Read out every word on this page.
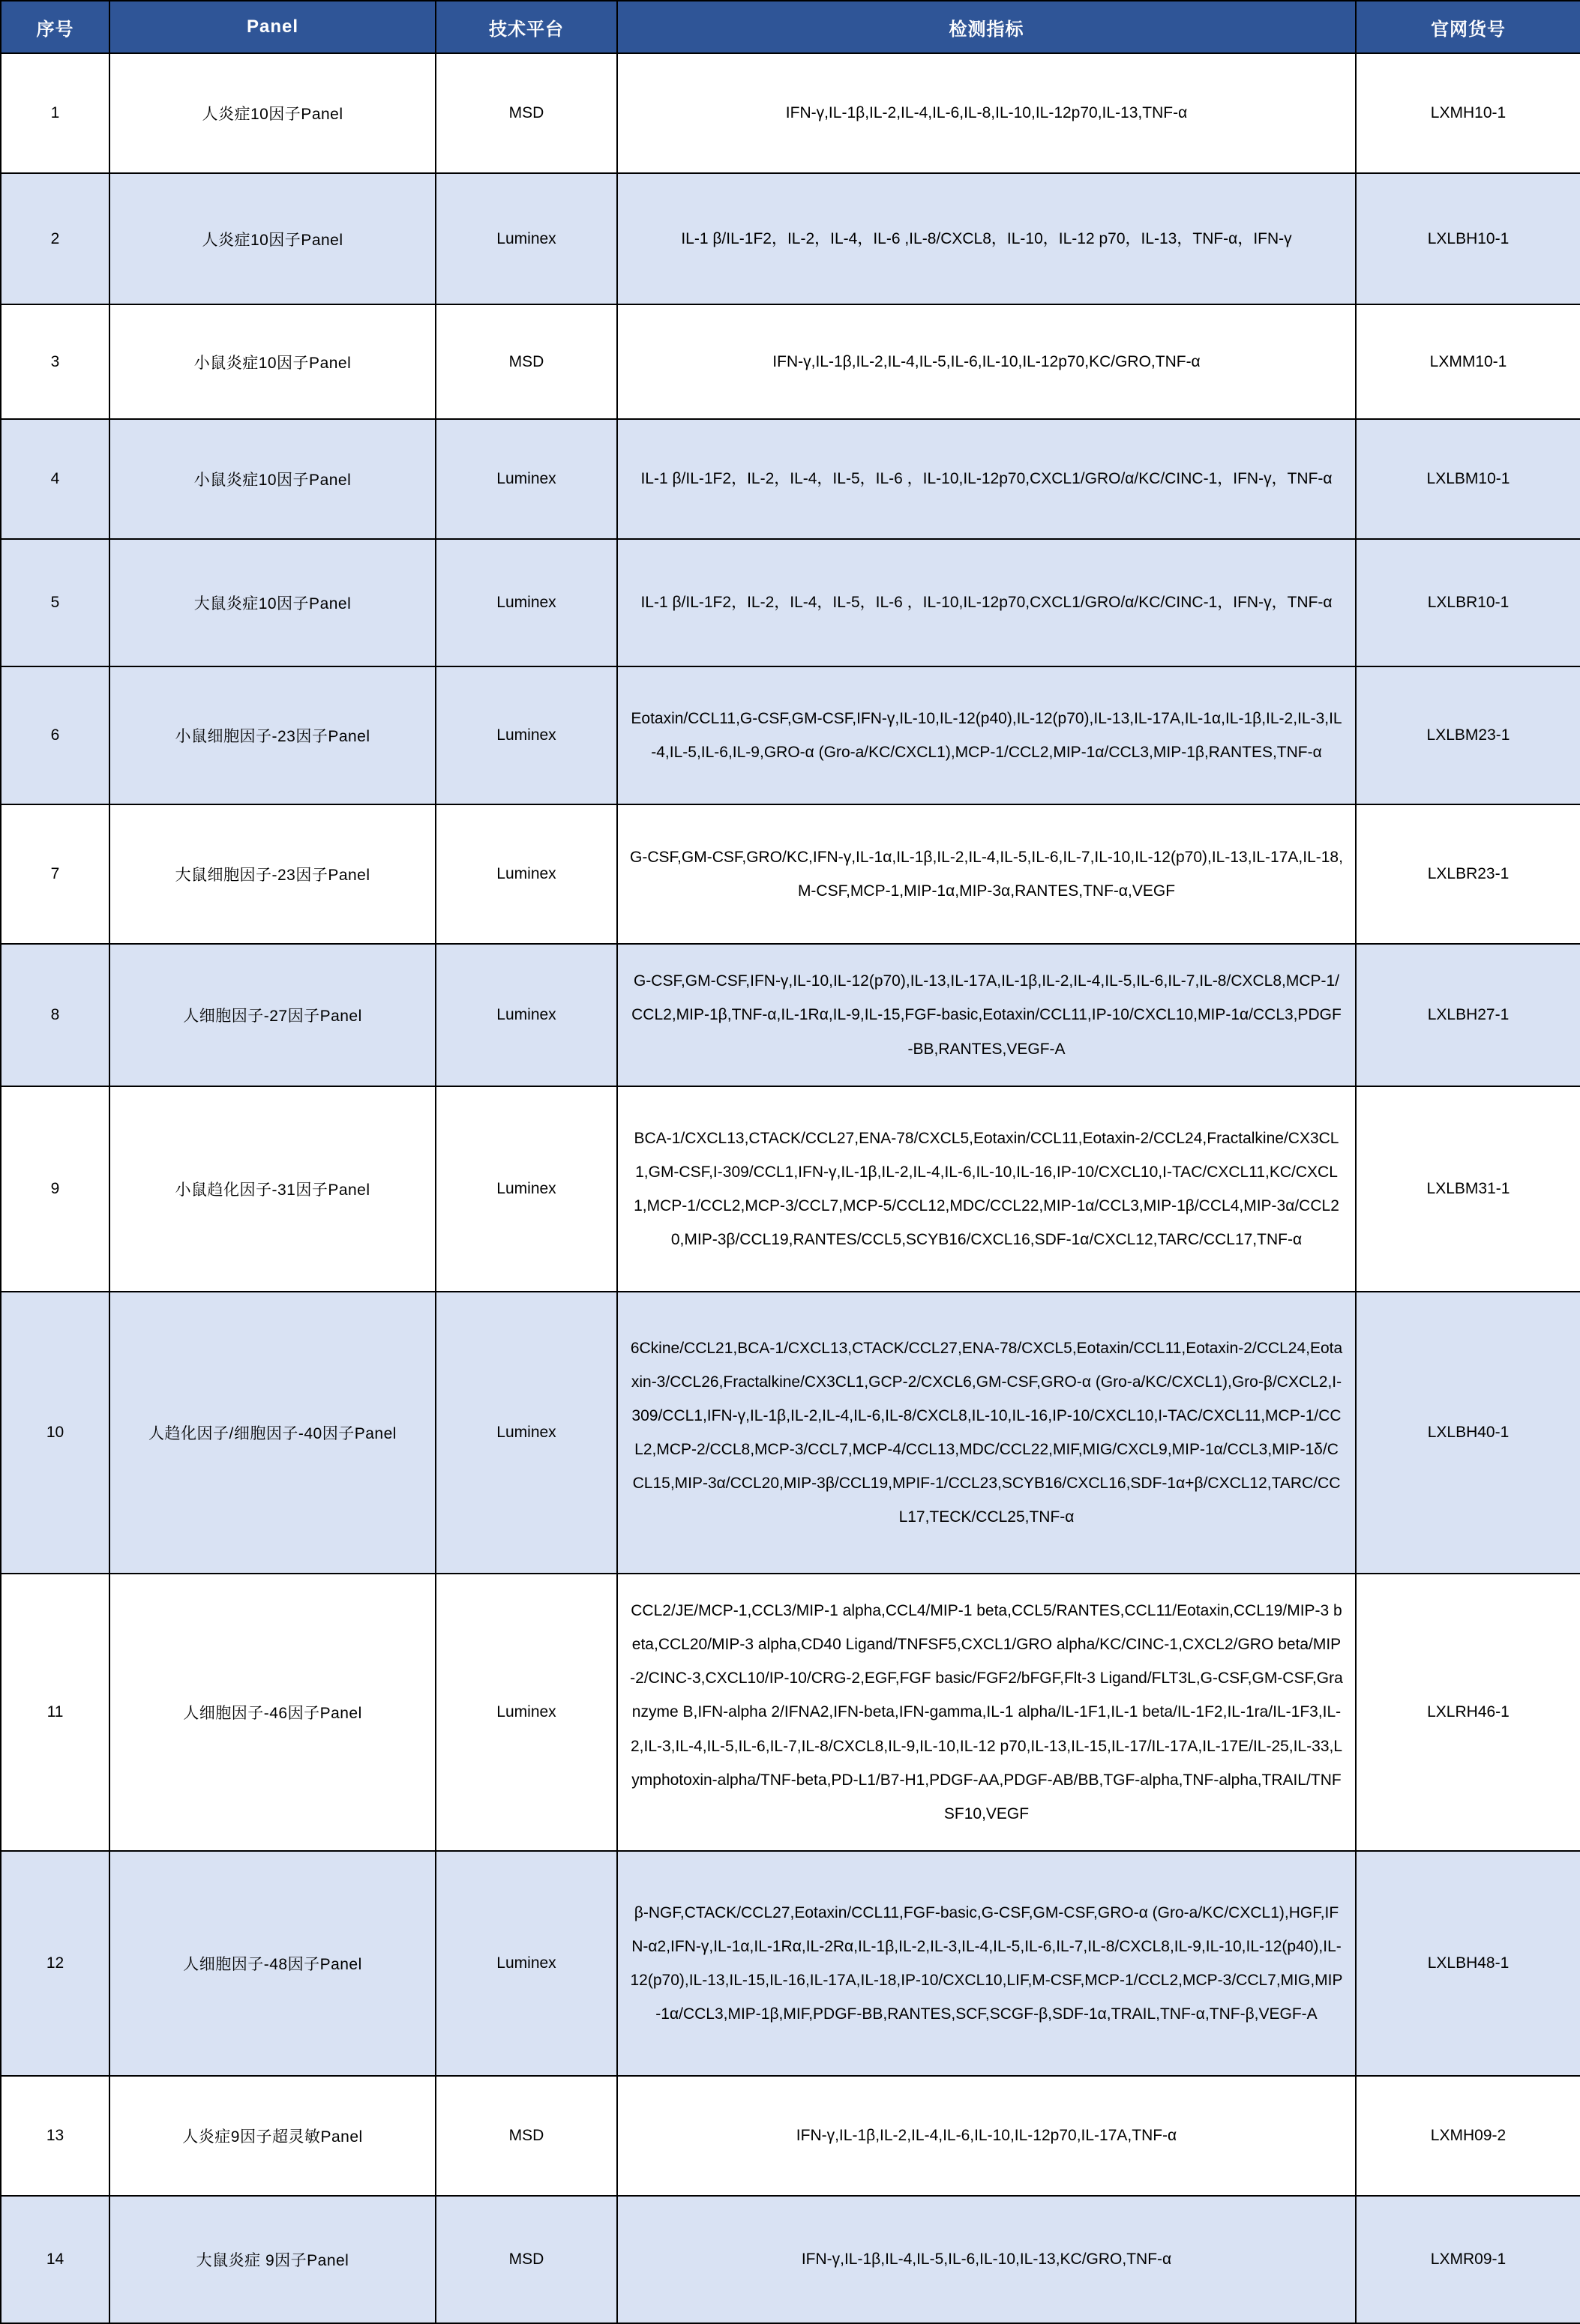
序号	Panel	技术平台	检测指标	官网货号
1	人炎症10因子Panel	MSD	IFN-γ,IL-1β,IL-2,IL-4,IL-6,IL-8,IL-10,IL-12p70,IL-13,TNF-α	LXMH10-1
2	人炎症10因子Panel	Luminex	IL-1 β/IL-1F2，IL-2，IL-4，IL-6 ,IL-8/CXCL8，IL-10，IL-12 p70，IL-13，TNF-α，IFN-γ	LXLBH10-1
3	小鼠炎症10因子Panel	MSD	IFN-γ,IL-1β,IL-2,IL-4,IL-5,IL-6,IL-10,IL-12p70,KC/GRO,TNF-α	LXMM10-1
4	小鼠炎症10因子Panel	Luminex	IL-1 β/IL-1F2，IL-2，IL-4，IL-5，IL-6 ，IL-10,IL-12p70,CXCL1/GRO/α/KC/CINC-1，IFN-γ，TNF-α	LXLBM10-1
5	大鼠炎症10因子Panel	Luminex	IL-1 β/IL-1F2，IL-2，IL-4，IL-5，IL-6 ，IL-10,IL-12p70,CXCL1/GRO/α/KC/CINC-1，IFN-γ，TNF-α	LXLBR10-1
6	小鼠细胞因子-23因子Panel	Luminex	Eotaxin/CCL11,G-CSF,GM-CSF,IFN-γ,IL-10,IL-12(p40),IL-12(p70),IL-13,IL-17A,IL-1α,IL-1β,IL-2,IL-3,IL-4,IL-5,IL-6,IL-9,GRO-α (Gro-a/KC/CXCL1),MCP-1/CCL2,MIP-1α/CCL3,MIP-1β,RANTES,TNF-α	LXLBM23-1
7	大鼠细胞因子-23因子Panel	Luminex	G-CSF,GM-CSF,GRO/KC,IFN-γ,IL-1α,IL-1β,IL-2,IL-4,IL-5,IL-6,IL-7,IL-10,IL-12(p70),IL-13,IL-17A,IL-18,M-CSF,MCP-1,MIP-1α,MIP-3α,RANTES,TNF-α,VEGF	LXLBR23-1
8	人细胞因子-27因子Panel	Luminex	G-CSF,GM-CSF,IFN-γ,IL-10,IL-12(p70),IL-13,IL-17A,IL-1β,IL-2,IL-4,IL-5,IL-6,IL-7,IL-8/CXCL8,MCP-1/CCL2,MIP-1β,TNF-α,IL-1Rα,IL-9,IL-15,FGF-basic,Eotaxin/CCL11,IP-10/CXCL10,MIP-1α/CCL3,PDGF-BB,RANTES,VEGF-A	LXLBH27-1
9	小鼠趋化因子-31因子Panel	Luminex	BCA-1/CXCL13,CTACK/CCL27,ENA-78/CXCL5,Eotaxin/CCL11,Eotaxin-2/CCL24,Fractalkine/CX3CL1,GM-CSF,I-309/CCL1,IFN-γ,IL-1β,IL-2,IL-4,IL-6,IL-10,IL-16,IP-10/CXCL10,I-TAC/CXCL11,KC/CXCL1,MCP-1/CCL2,MCP-3/CCL7,MCP-5/CCL12,MDC/CCL22,MIP-1α/CCL3,MIP-1β/CCL4,MIP-3α/CCL20,MIP-3β/CCL19,RANTES/CCL5,SCYB16/CXCL16,SDF-1α/CXCL12,TARC/CCL17,TNF-α	LXLBM31-1
10	人趋化因子/细胞因子-40因子Panel	Luminex	6Ckine/CCL21,BCA-1/CXCL13,CTACK/CCL27,ENA-78/CXCL5,Eotaxin/CCL11,Eotaxin-2/CCL24,Eotaxin-3/CCL26,Fractalkine/CX3CL1,GCP-2/CXCL6,GM-CSF,GRO-α (Gro-a/KC/CXCL1),Gro-β/CXCL2,I-309/CCL1,IFN-γ,IL-1β,IL-2,IL-4,IL-6,IL-8/CXCL8,IL-10,IL-16,IP-10/CXCL10,I-TAC/CXCL11,MCP-1/CCL2,MCP-2/CCL8,MCP-3/CCL7,MCP-4/CCL13,MDC/CCL22,MIF,MIG/CXCL9,MIP-1α/CCL3,MIP-1δ/CCL15,MIP-3α/CCL20,MIP-3β/CCL19,MPIF-1/CCL23,SCYB16/CXCL16,SDF-1α+β/CXCL12,TARC/CCL17,TECK/CCL25,TNF-α	LXLBH40-1
11	人细胞因子-46因子Panel	Luminex	CCL2/JE/MCP-1,CCL3/MIP-1 alpha,CCL4/MIP-1 beta,CCL5/RANTES,CCL11/Eotaxin,CCL19/MIP-3 beta,CCL20/MIP-3 alpha,CD40 Ligand/TNFSF5,CXCL1/GRO alpha/KC/CINC-1,CXCL2/GRO beta/MIP-2/CINC-3,CXCL10/IP-10/CRG-2,EGF,FGF basic/FGF2/bFGF,Flt-3 Ligand/FLT3L,G-CSF,GM-CSF,Granzyme B,IFN-alpha 2/IFNA2,IFN-beta,IFN-gamma,IL-1 alpha/IL-1F1,IL-1 beta/IL-1F2,IL-1ra/IL-1F3,IL-2,IL-3,IL-4,IL-5,IL-6,IL-7,IL-8/CXCL8,IL-9,IL-10,IL-12 p70,IL-13,IL-15,IL-17/IL-17A,IL-17E/IL-25,IL-33,Lymphotoxin-alpha/TNF-beta,PD-L1/B7-H1,PDGF-AA,PDGF-AB/BB,TGF-alpha,TNF-alpha,TRAIL/TNFSF10,VEGF	LXLRH46-1
12	人细胞因子-48因子Panel	Luminex	β-NGF,CTACK/CCL27,Eotaxin/CCL11,FGF-basic,G-CSF,GM-CSF,GRO-α (Gro-a/KC/CXCL1),HGF,IFN-α2,IFN-γ,IL-1α,IL-1Rα,IL-2Rα,IL-1β,IL-2,IL-3,IL-4,IL-5,IL-6,IL-7,IL-8/CXCL8,IL-9,IL-10,IL-12(p40),IL-12(p70),IL-13,IL-15,IL-16,IL-17A,IL-18,IP-10/CXCL10,LIF,M-CSF,MCP-1/CCL2,MCP-3/CCL7,MIG,MIP-1α/CCL3,MIP-1β,MIF,PDGF-BB,RANTES,SCF,SCGF-β,SDF-1α,TRAIL,TNF-α,TNF-β,VEGF-A	LXLBH48-1
13	人炎症9因子超灵敏Panel	MSD	IFN-γ,IL-1β,IL-2,IL-4,IL-6,IL-10,IL-12p70,IL-17A,TNF-α	LXMH09-2
14	大鼠炎症 9因子Panel	MSD	IFN-γ,IL-1β,IL-4,IL-5,IL-6,IL-10,IL-13,KC/GRO,TNF-α	LXMR09-1
